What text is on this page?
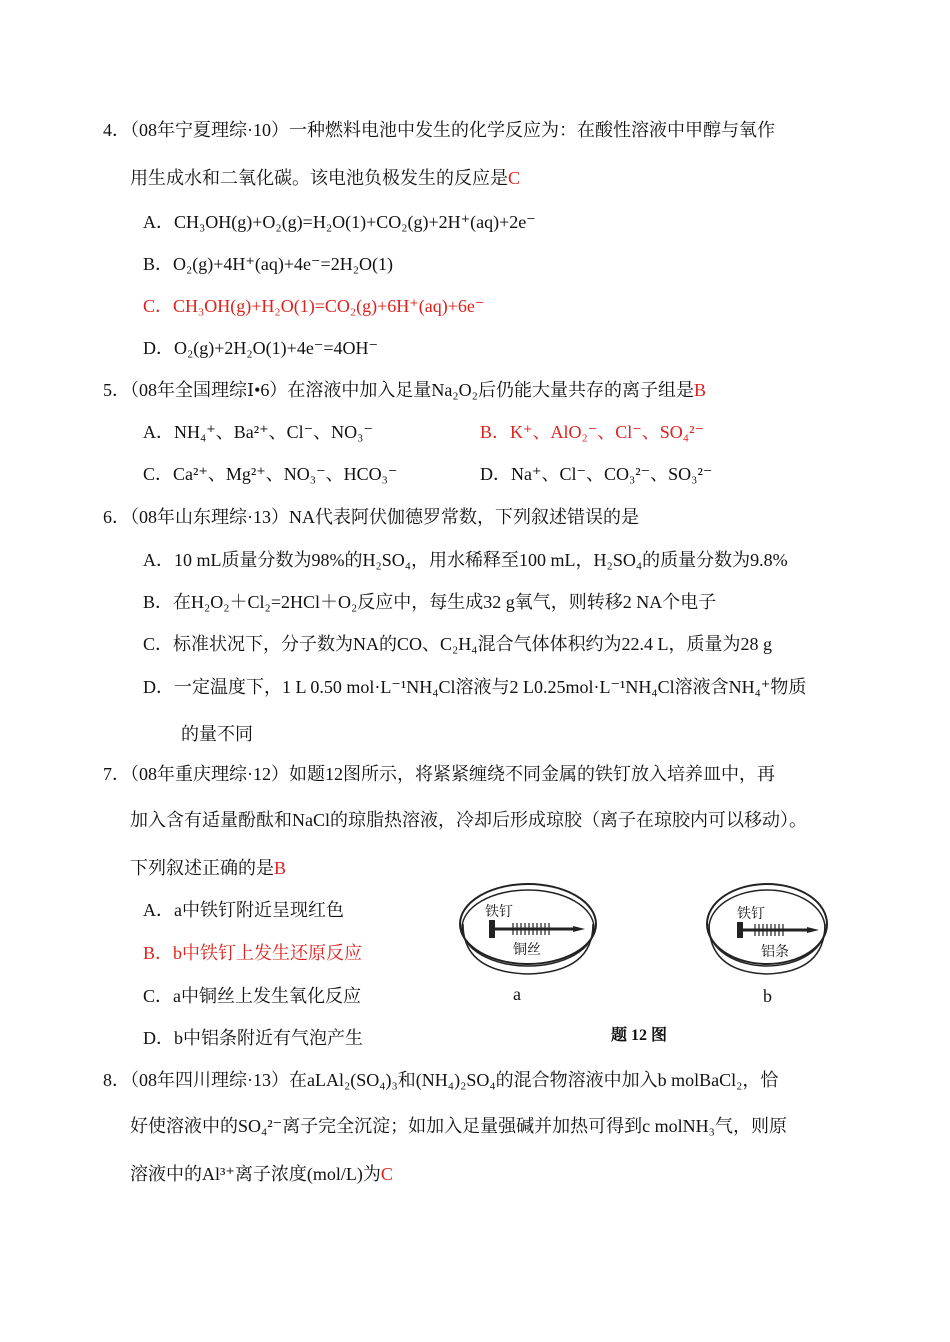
4．（08年宁夏理综·10）一种燃料电池中发生的化学反应为：在酸性溶液中甲醇与氧作
用生成水和二氧化碳。该电池负极发生的反应是C
A．CH₃OH(g)+O₂(g)=H₂O(1)+CO₂(g)+2H⁺(aq)+2e⁻
B．O₂(g)+4H⁺(aq)+4e⁻=2H₂O(1)
C．CH₃OH(g)+H₂O(1)=CO₂(g)+6H⁺(aq)+6e⁻
D．O₂(g)+2H₂O(1)+4e⁻=4OH⁻
5．（08年全国理综Ⅰ•6）在溶液中加入足量Na₂O₂后仍能大量共存的离子组是B
A．NH₄⁺、Ba²⁺、Cl⁻、NO₃⁻	B．K⁺、AlO₂⁻、Cl⁻、SO₄²⁻
C．Ca²⁺、Mg²⁺、NO₃⁻、HCO₃⁻	D．Na⁺、Cl⁻、CO₃²⁻、SO₃²⁻
6．（08年山东理综·13）NA代表阿伏伽德罗常数，下列叙述错误的是
A．10 mL质量分数为98%的H₂SO₄，用水稀释至100 mL，H₂SO₄的质量分数为9.8%
B．在H₂O₂＋Cl₂=2HCl＋O₂反应中，每生成32 g氧气，则转移2 NA个电子
C．标准状况下，分子数为NA的CO、C₂H₄混合气体体积约为22.4 L，质量为28 g
D．一定温度下，1 L 0.50 mol·L⁻¹NH₄Cl溶液与2 L0.25mol·L⁻¹NH₄Cl溶液含NH₄⁺物质
的量不同
7．（08年重庆理综·12）如题12图所示，将紧紧缠绕不同金属的铁钉放入培养皿中，再
加入含有适量酚酞和NaCl的琼脂热溶液，冷却后形成琼胶（离子在琼胶内可以移动）。
下列叙述正确的是B
A．a中铁钉附近呈现红色
B．b中铁钉上发生还原反应
C．a中铜丝上发生氧化反应
D．b中铝条附近有气泡产生
铁钉
铜丝
a
铁钉
铝条
b
题 12 图
8．（08年四川理综·13）在aLAl₂(SO₄)₃和(NH₄)₂SO₄的混合物溶液中加入b molBaCl₂，恰
好使溶液中的SO₄²⁻离子完全沉淀；如加入足量强碱并加热可得到c molNH₃气，则原
溶液中的Al³⁺离子浓度(mol/L)为C
